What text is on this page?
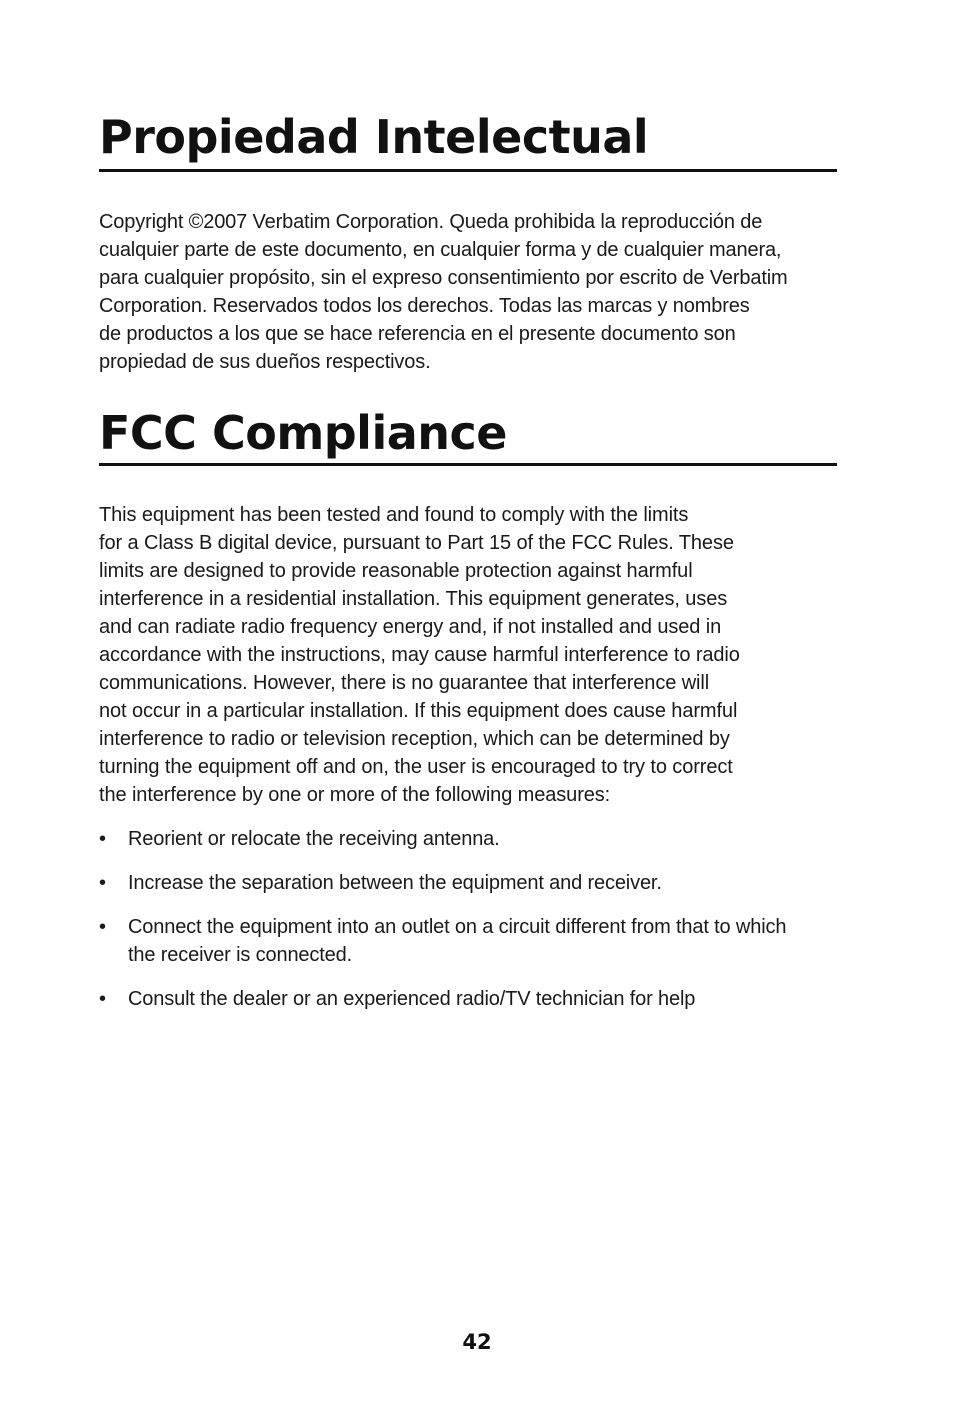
Propiedad Intelectual

Copyright ©2007 Verbatim Corporation. Queda prohibida la reproducción de
cualquier parte de este documento, en cualquier forma y de cualquier manera,
para cualquier propósito, sin el expreso consentimiento por escrito de Verbatim
Corporation. Reservados todos los derechos. Todas las marcas y nombres
de productos a los que se hace referencia en el presente documento son
propiedad de sus dueños respectivos.

FCC Compliance

This equipment has been tested and found to comply with the limits
for a Class B digital device, pursuant to Part 15 of the FCC Rules. These
limits are designed to provide reasonable protection against harmful
interference in a residential installation. This equipment generates, uses
and can radiate radio frequency energy and, if not installed and used in
accordance with the instructions, may cause harmful interference to radio
communications. However, there is no guarantee that interference will
not occur in a particular installation. If this equipment does cause harmful
interference to radio or television reception, which can be determined by
turning the equipment off and on, the user is encouraged to try to correct
the interference by one or more of the following measures:

• Reorient or relocate the receiving antenna.
• Increase the separation between the equipment and receiver.
• Connect the equipment into an outlet on a circuit different from that to which
the receiver is connected.
• Consult the dealer or an experienced radio/TV technician for help
42
